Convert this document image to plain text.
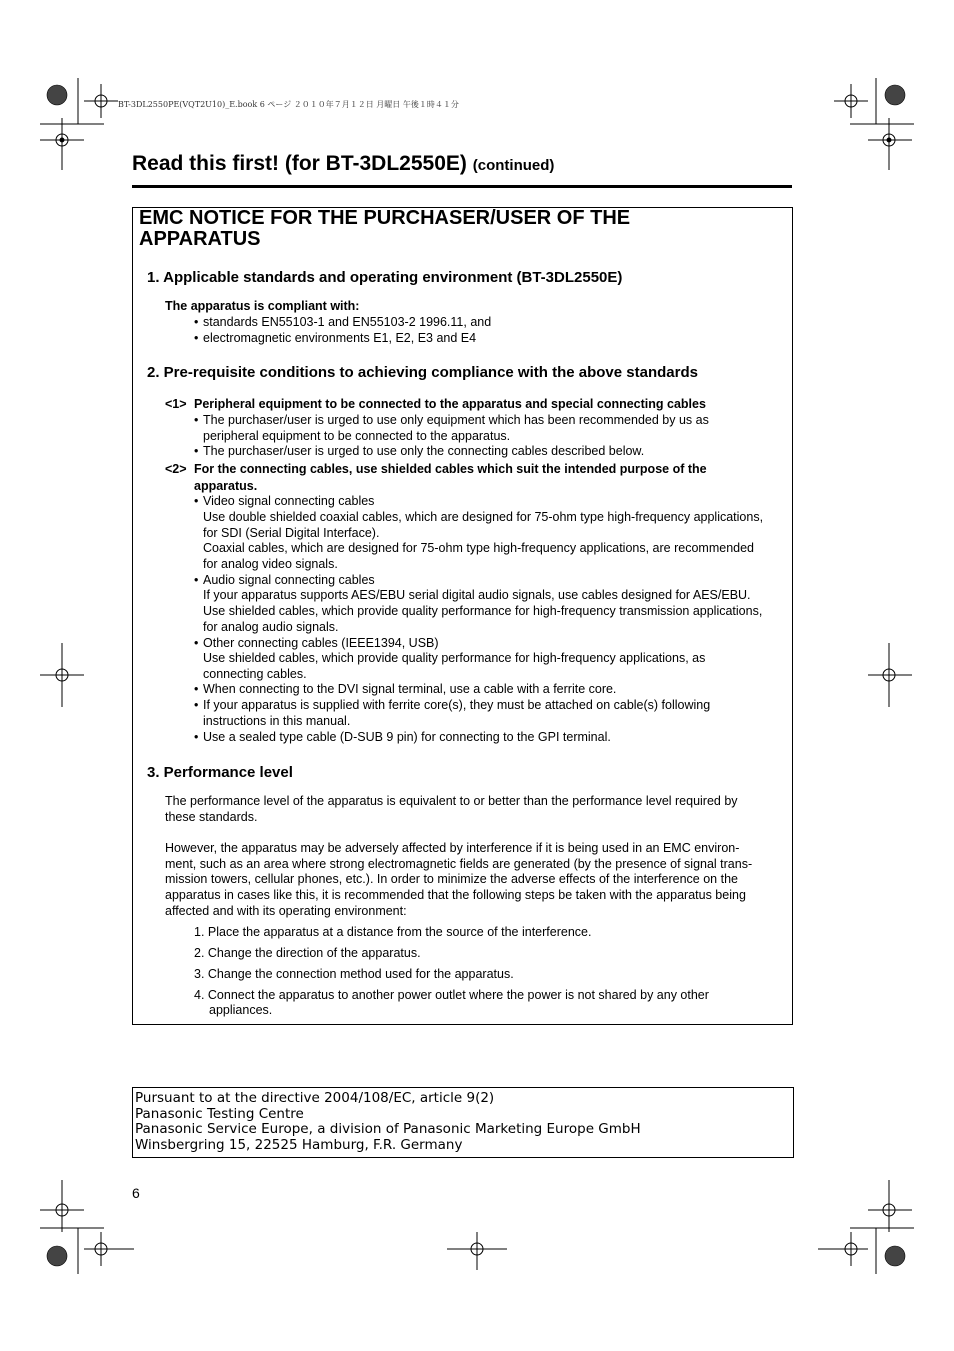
BT-3DL2550PE(VQT2U10)_E.book 6 ページ ２０１０年７月１２日 月曜日 午後１時４１分
Read this first! (for BT-3DL2550E) (continued)
EMC NOTICE FOR THE PURCHASER/USER OF THE
APPARATUS
1. Applicable standards and operating environment (BT-3DL2550E)
The apparatus is compliant with:
• standards EN55103-1 and EN55103-2 1996.11, and
• electromagnetic environments E1, E2, E3 and E4
2. Pre-requisite conditions to achieving compliance with the above standards
<1> Peripheral equipment to be connected to the apparatus and special connecting cables
• The purchaser/user is urged to use only equipment which has been recommended by us as
peripheral equipment to be connected to the apparatus.
• The purchaser/user is urged to use only the connecting cables described below.
<2> For the connecting cables, use shielded cables which suit the intended purpose of the
apparatus.
• Video signal connecting cables
Use double shielded coaxial cables, which are designed for 75-ohm type high-frequency applications,
for SDI (Serial Digital Interface).
Coaxial cables, which are designed for 75-ohm type high-frequency applications, are recommended
for analog video signals.
• Audio signal connecting cables
If your apparatus supports AES/EBU serial digital audio signals, use cables designed for AES/EBU.
Use shielded cables, which provide quality performance for high-frequency transmission applications,
for analog audio signals.
• Other connecting cables (IEEE1394, USB)
Use shielded cables, which provide quality performance for high-frequency applications, as
connecting cables.
• When connecting to the DVI signal terminal, use a cable with a ferrite core.
• If your apparatus is supplied with ferrite core(s), they must be attached on cable(s) following
instructions in this manual.
• Use a sealed type cable (D-SUB 9 pin) for connecting to the GPI terminal.
3. Performance level
The performance level of the apparatus is equivalent to or better than the performance level required by
these standards.
However, the apparatus may be adversely affected by interference if it is being used in an EMC environ-
ment, such as an area where strong electromagnetic fields are generated (by the presence of signal trans-
mission towers, cellular phones, etc.). In order to minimize the adverse effects of the interference on the
apparatus in cases like this, it is recommended that the following steps be taken with the apparatus being
affected and with its operating environment:
1. Place the apparatus at a distance from the source of the interference.
2. Change the direction of the apparatus.
3. Change the connection method used for the apparatus.
4. Connect the apparatus to another power outlet where the power is not shared by any other
appliances.
Pursuant to at the directive 2004/108/EC, article 9(2)
Panasonic Testing Centre
Panasonic Service Europe, a division of Panasonic Marketing Europe GmbH
Winsbergring 15, 22525 Hamburg, F.R. Germany
6
